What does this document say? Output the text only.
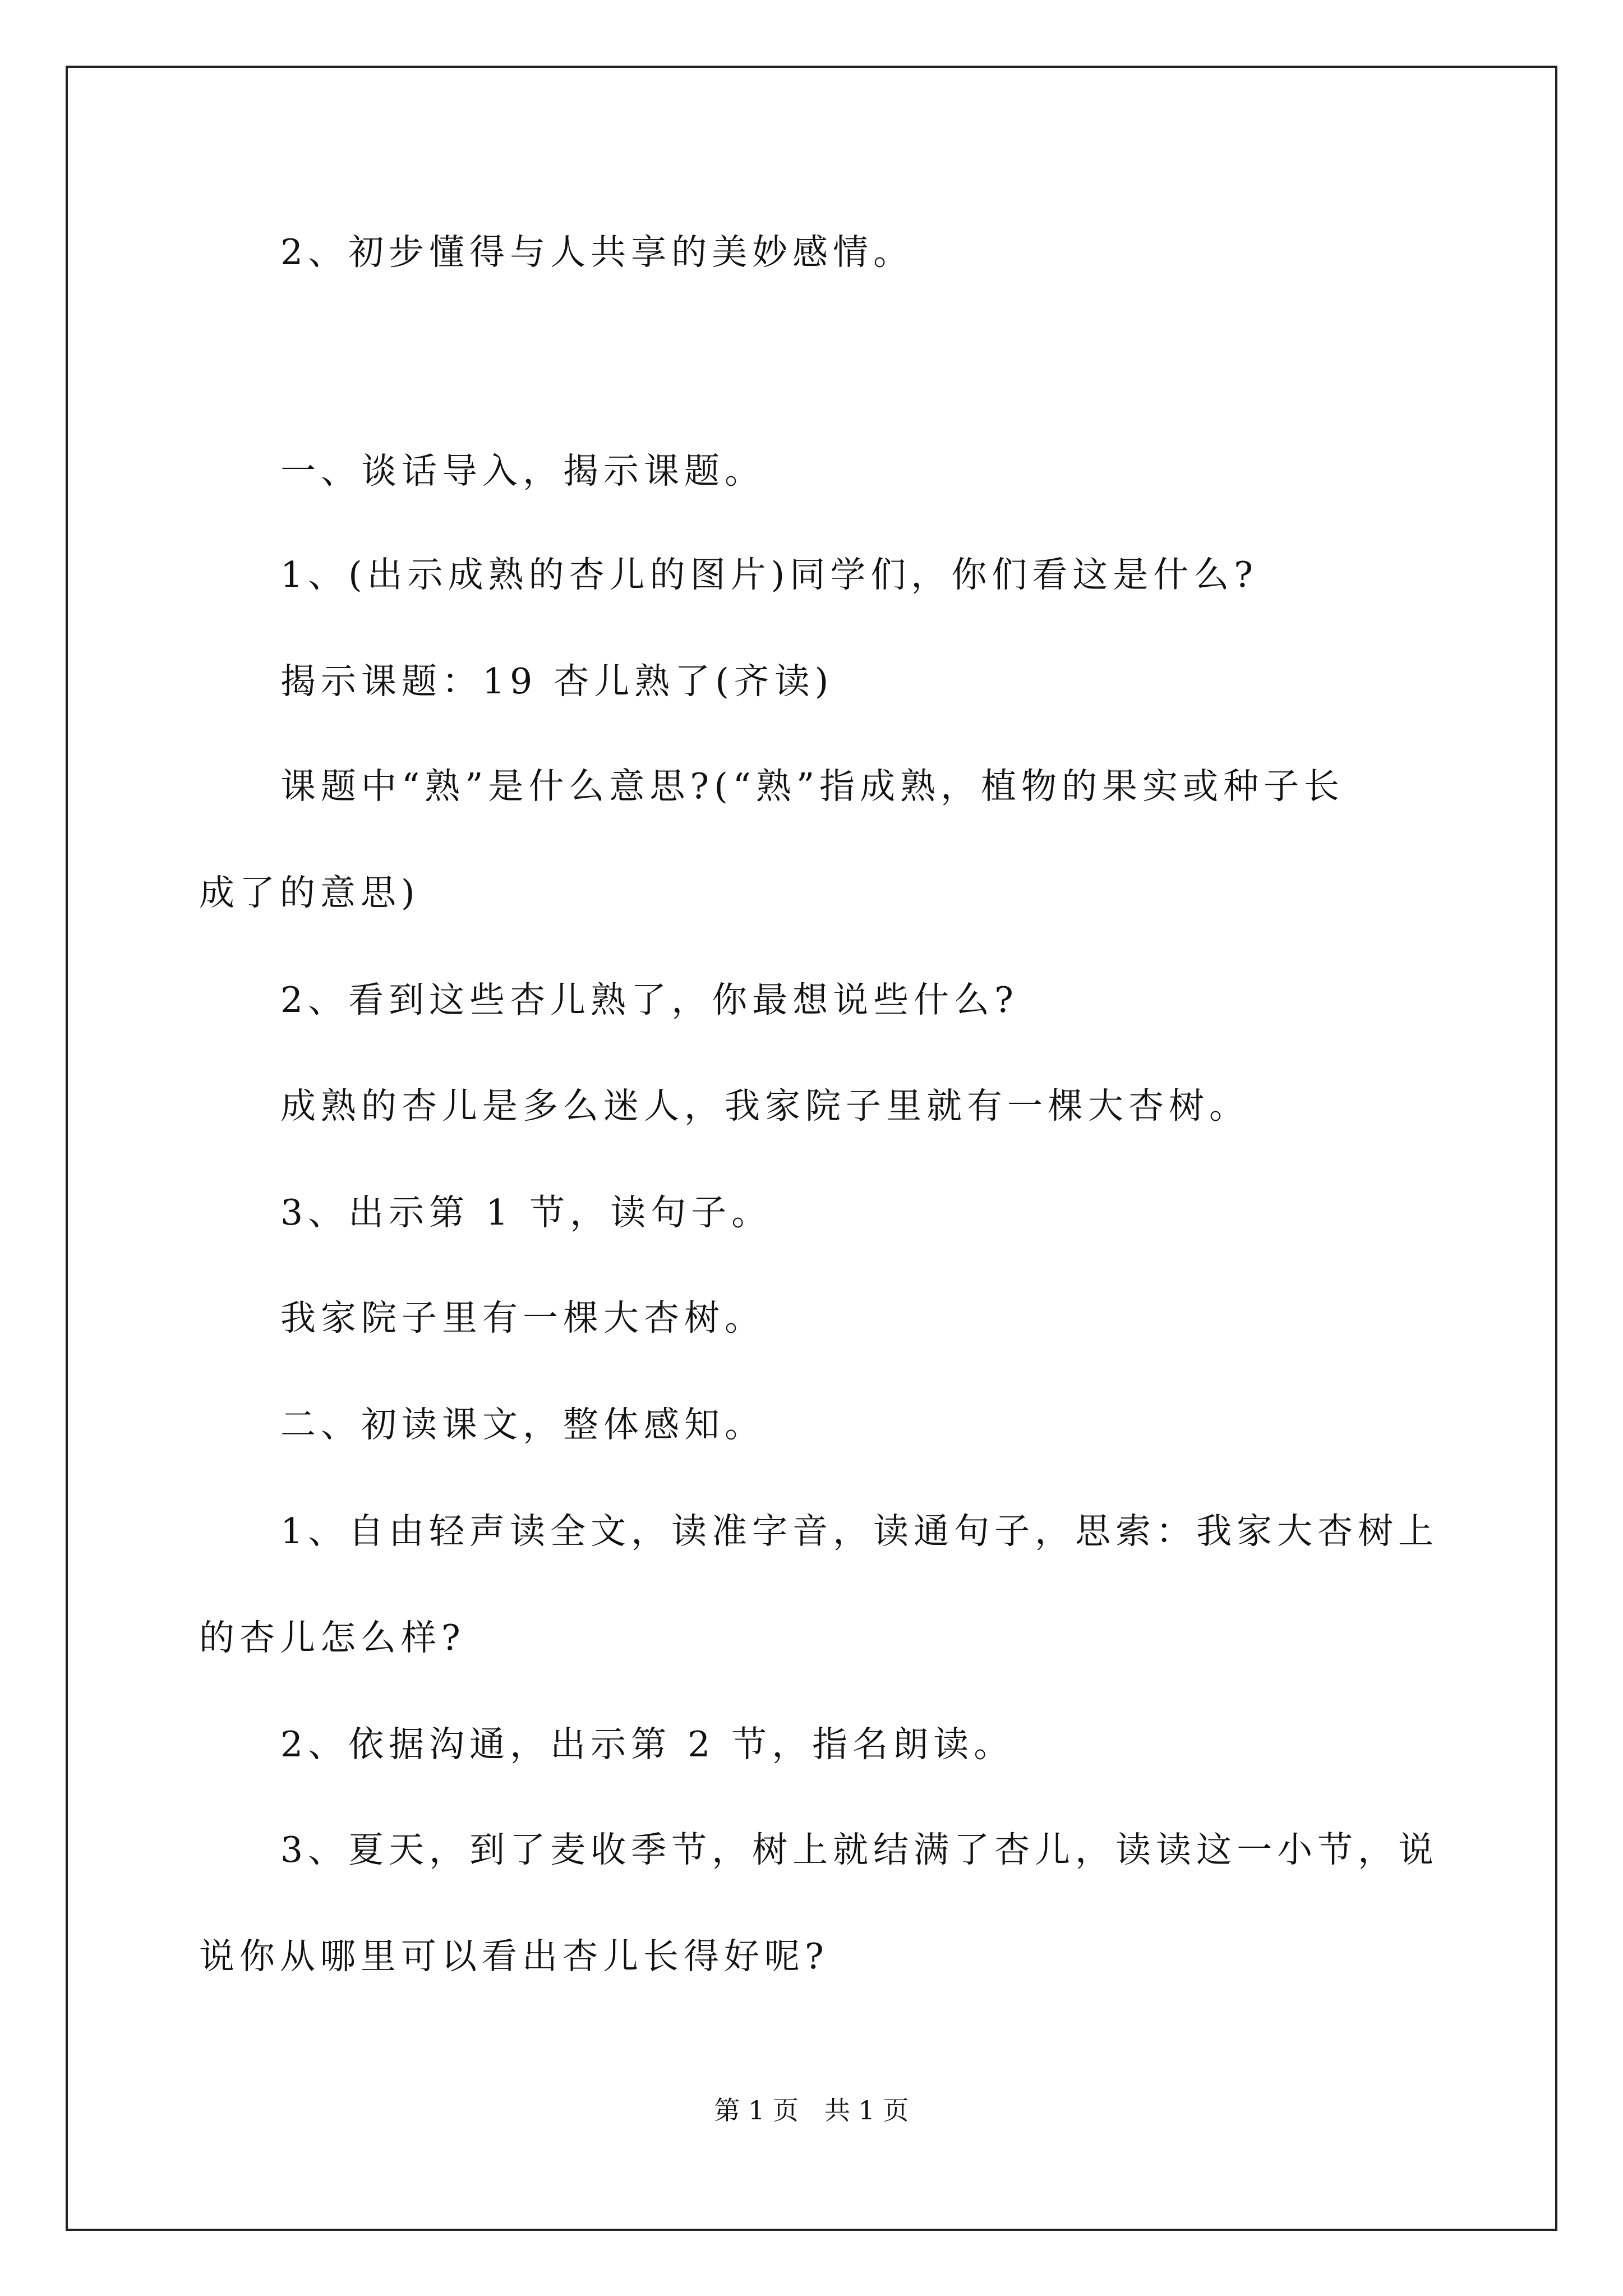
2、初步懂得与人共享的美妙感情。
一、谈话导入，揭示课题。
1、(出示成熟的杏儿的图片)同学们，你们看这是什么?
揭示课题：19 杏儿熟了(齐读)
课题中“熟”是什么意思?(“熟”指成熟，植物的果实或种子长
成了的意思)
2、看到这些杏儿熟了，你最想说些什么?
成熟的杏儿是多么迷人，我家院子里就有一棵大杏树。
3、出示第 1 节，读句子。
我家院子里有一棵大杏树。
二、初读课文，整体感知。
1、自由轻声读全文，读准字音，读通句子，思索：我家大杏树上
的杏儿怎么样?
2、依据沟通，出示第 2 节，指名朗读。
3、夏天，到了麦收季节，树上就结满了杏儿，读读这一小节，说
说你从哪里可以看出杏儿长得好呢?
第 1 页　共 1 页
